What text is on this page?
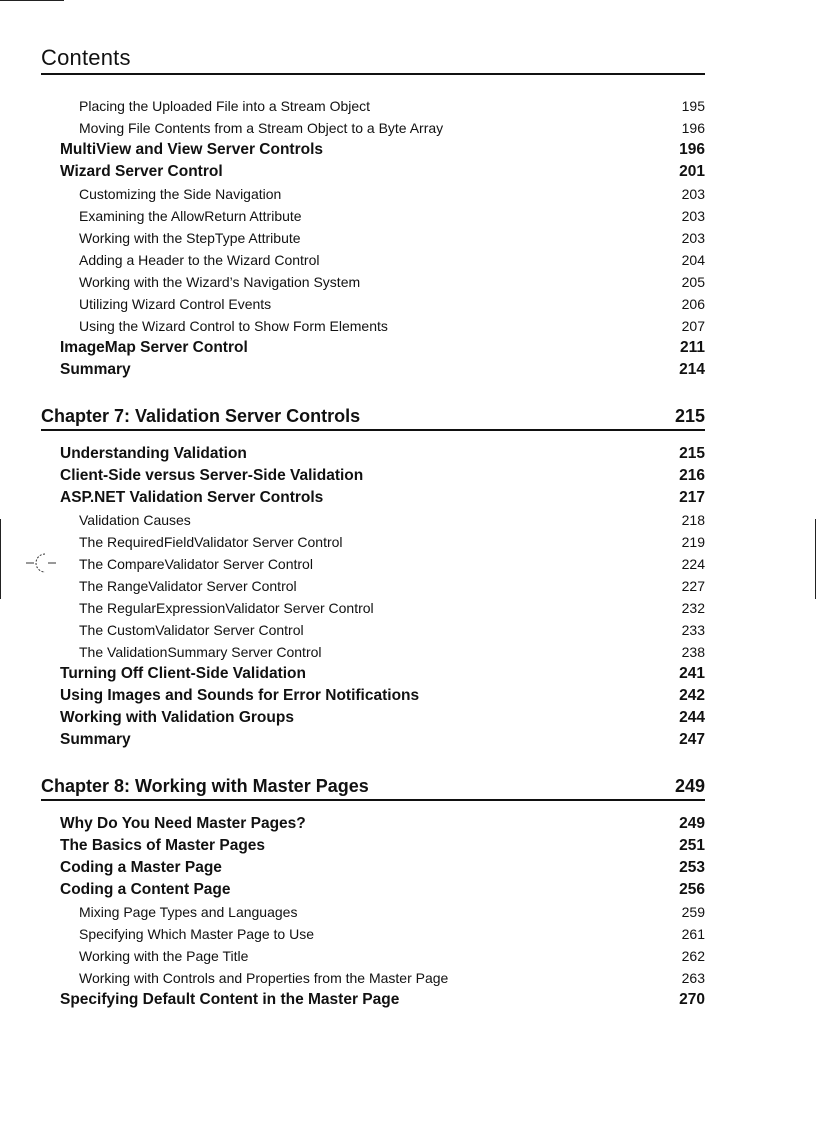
Contents
Placing the Uploaded File into a Stream Object	195
Moving File Contents from a Stream Object to a Byte Array	196
MultiView and View Server Controls	196
Wizard Server Control	201
Customizing the Side Navigation	203
Examining the AllowReturn Attribute	203
Working with the StepType Attribute	203
Adding a Header to the Wizard Control	204
Working with the Wizard’s Navigation System	205
Utilizing Wizard Control Events	206
Using the Wizard Control to Show Form Elements	207
ImageMap Server Control	211
Summary	214
Chapter 7: Validation Server Controls	215
Understanding Validation	215
Client-Side versus Server-Side Validation	216
ASP.NET Validation Server Controls	217
Validation Causes	218
The RequiredFieldValidator Server Control	219
The CompareValidator Server Control	224
The RangeValidator Server Control	227
The RegularExpressionValidator Server Control	232
The CustomValidator Server Control	233
The ValidationSummary Server Control	238
Turning Off Client-Side Validation	241
Using Images and Sounds for Error Notifications	242
Working with Validation Groups	244
Summary	247
Chapter 8: Working with Master Pages	249
Why Do You Need Master Pages?	249
The Basics of Master Pages	251
Coding a Master Page	253
Coding a Content Page	256
Mixing Page Types and Languages	259
Specifying Which Master Page to Use	261
Working with the Page Title	262
Working with Controls and Properties from the Master Page	263
Specifying Default Content in the Master Page	270
